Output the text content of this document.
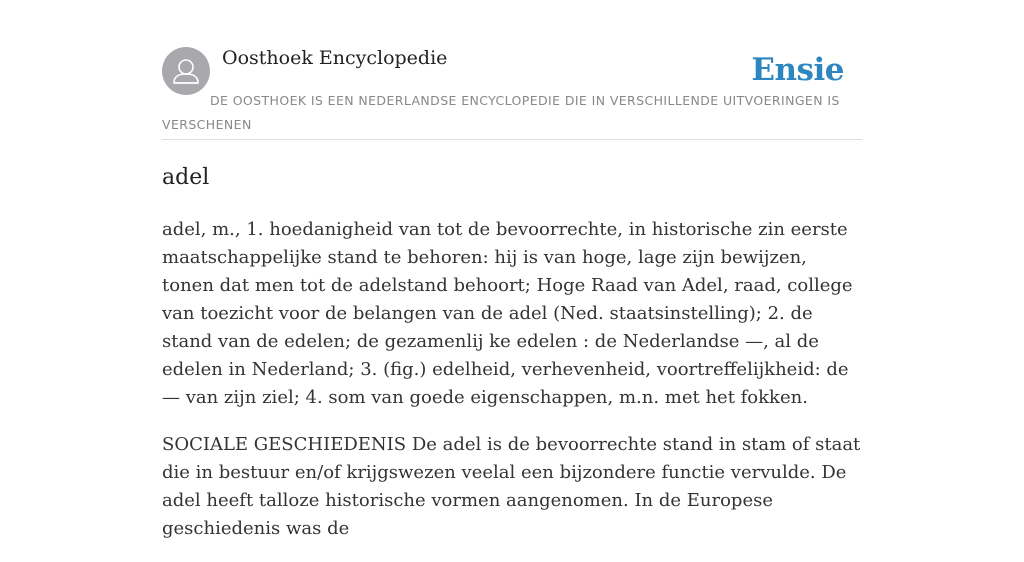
Oosthoek Encyclopedie	Ensie
DE OOSTHOEK IS EEN NEDERLANDSE ENCYCLOPEDIE DIE IN VERSCHILLENDE UITVOERINGEN IS VERSCHENEN
adel

adel, m., 1. hoedanigheid van tot de bevoorrechte, in historische zin eerste maatschappelijke stand te behoren: hij is van hoge, lage zijn bewijzen, tonen dat men tot de adelstand behoort; Hoge Raad van Adel, raad, college van toezicht voor de belangen van de adel (Ned. staatsinstelling); 2. de stand van de edelen; de gezamenlij ke edelen : de Nederlandse —, al de edelen in Nederland; 3. (fig.) edelheid, verhevenheid, voortreffelijkheid: de — van zijn ziel; 4. som van goede eigenschappen, m.n. met het fokken.

SOCIALE GESCHIEDENIS De adel is de bevoorrechte stand in stam of staat die in bestuur en/of krijgswezen veelal een bijzondere functie vervulde. De adel heeft talloze historische vormen aangenomen. In de Europese geschiedenis was de
